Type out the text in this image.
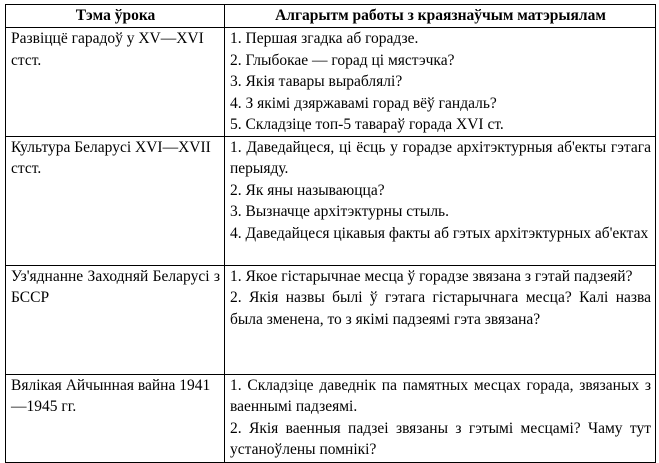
Тэма ўрока	Алгарытм работы з краязнаўчым матэрыялам
Развіццё гарадоў у XV—XVI стст.	1. Першая згадка аб горадзе.
2. Глыбокае — горад ці мястэчка?
3. Якія тавары выраблялі?
4. З якімі дзяржавамі горад вёў гандаль?
5. Складзіце топ-5 тавараў горада XVI ст.

Культура Беларусі XVI—XVII стст.	1. Даведайцеся, ці ёсць у горадзе архітэктурныя аб'екты гэтага перыяду.
2. Як яны называюцца?
3. Вызначце архітэктурны стыль.
4. Даведайцеся цікавыя факты аб гэтых архітэктурных аб'ектах

Уз'яднанне Заходняй Беларусі з БССР	1. Якое гістарычнае месца ў горадзе звязана з гэтай падзеяй?
2. Якія назвы былі ў гэтага гістарычнага месца? Калі назва была зменена, то з якімі падзеямі гэта звязана?

Вялікая Айчынная вайна 1941—1945 гг.	1. Складзіце даведнік па памятных месцах горада, звязаных з ваеннымі падзеямі.
2. Якія ваенныя падзеі звязаны з гэтымі месцамі? Чаму тут устаноўлены помнікі?
